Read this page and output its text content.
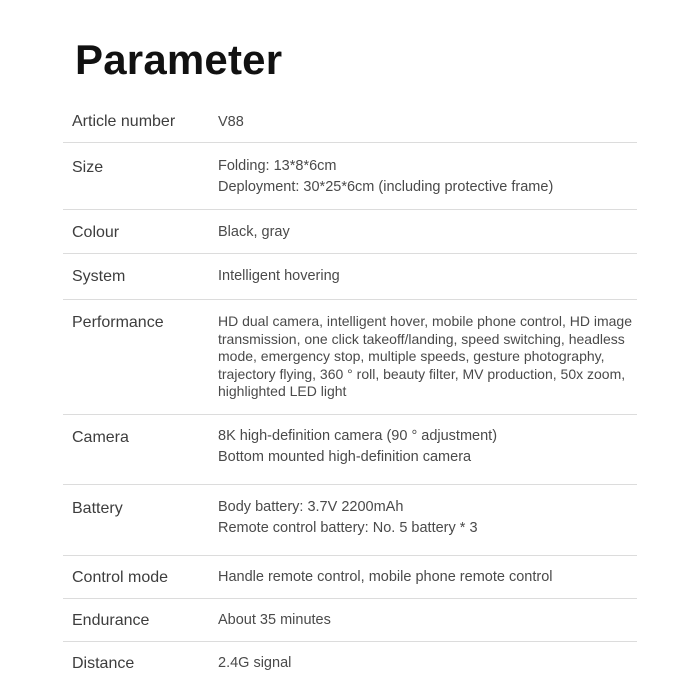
Parameter
Article number	V88
Size	Folding: 13*8*6cm
Deployment: 30*25*6cm (including protective frame)
Colour	Black, gray
System	Intelligent hovering
Performance	HD dual camera, intelligent hover, mobile phone control, HD image
transmission, one click takeoff/landing, speed switching, headless
mode, emergency stop, multiple speeds, gesture photography,
trajectory flying, 360 ° roll, beauty filter, MV production, 50x zoom,
highlighted LED light
Camera	8K high-definition camera (90 ° adjustment)
Bottom mounted high-definition camera
Battery	Body battery: 3.7V 2200mAh
Remote control battery: No. 5 battery * 3
Control mode	Handle remote control, mobile phone remote control
Endurance	About 35 minutes
Distance	2.4G signal
